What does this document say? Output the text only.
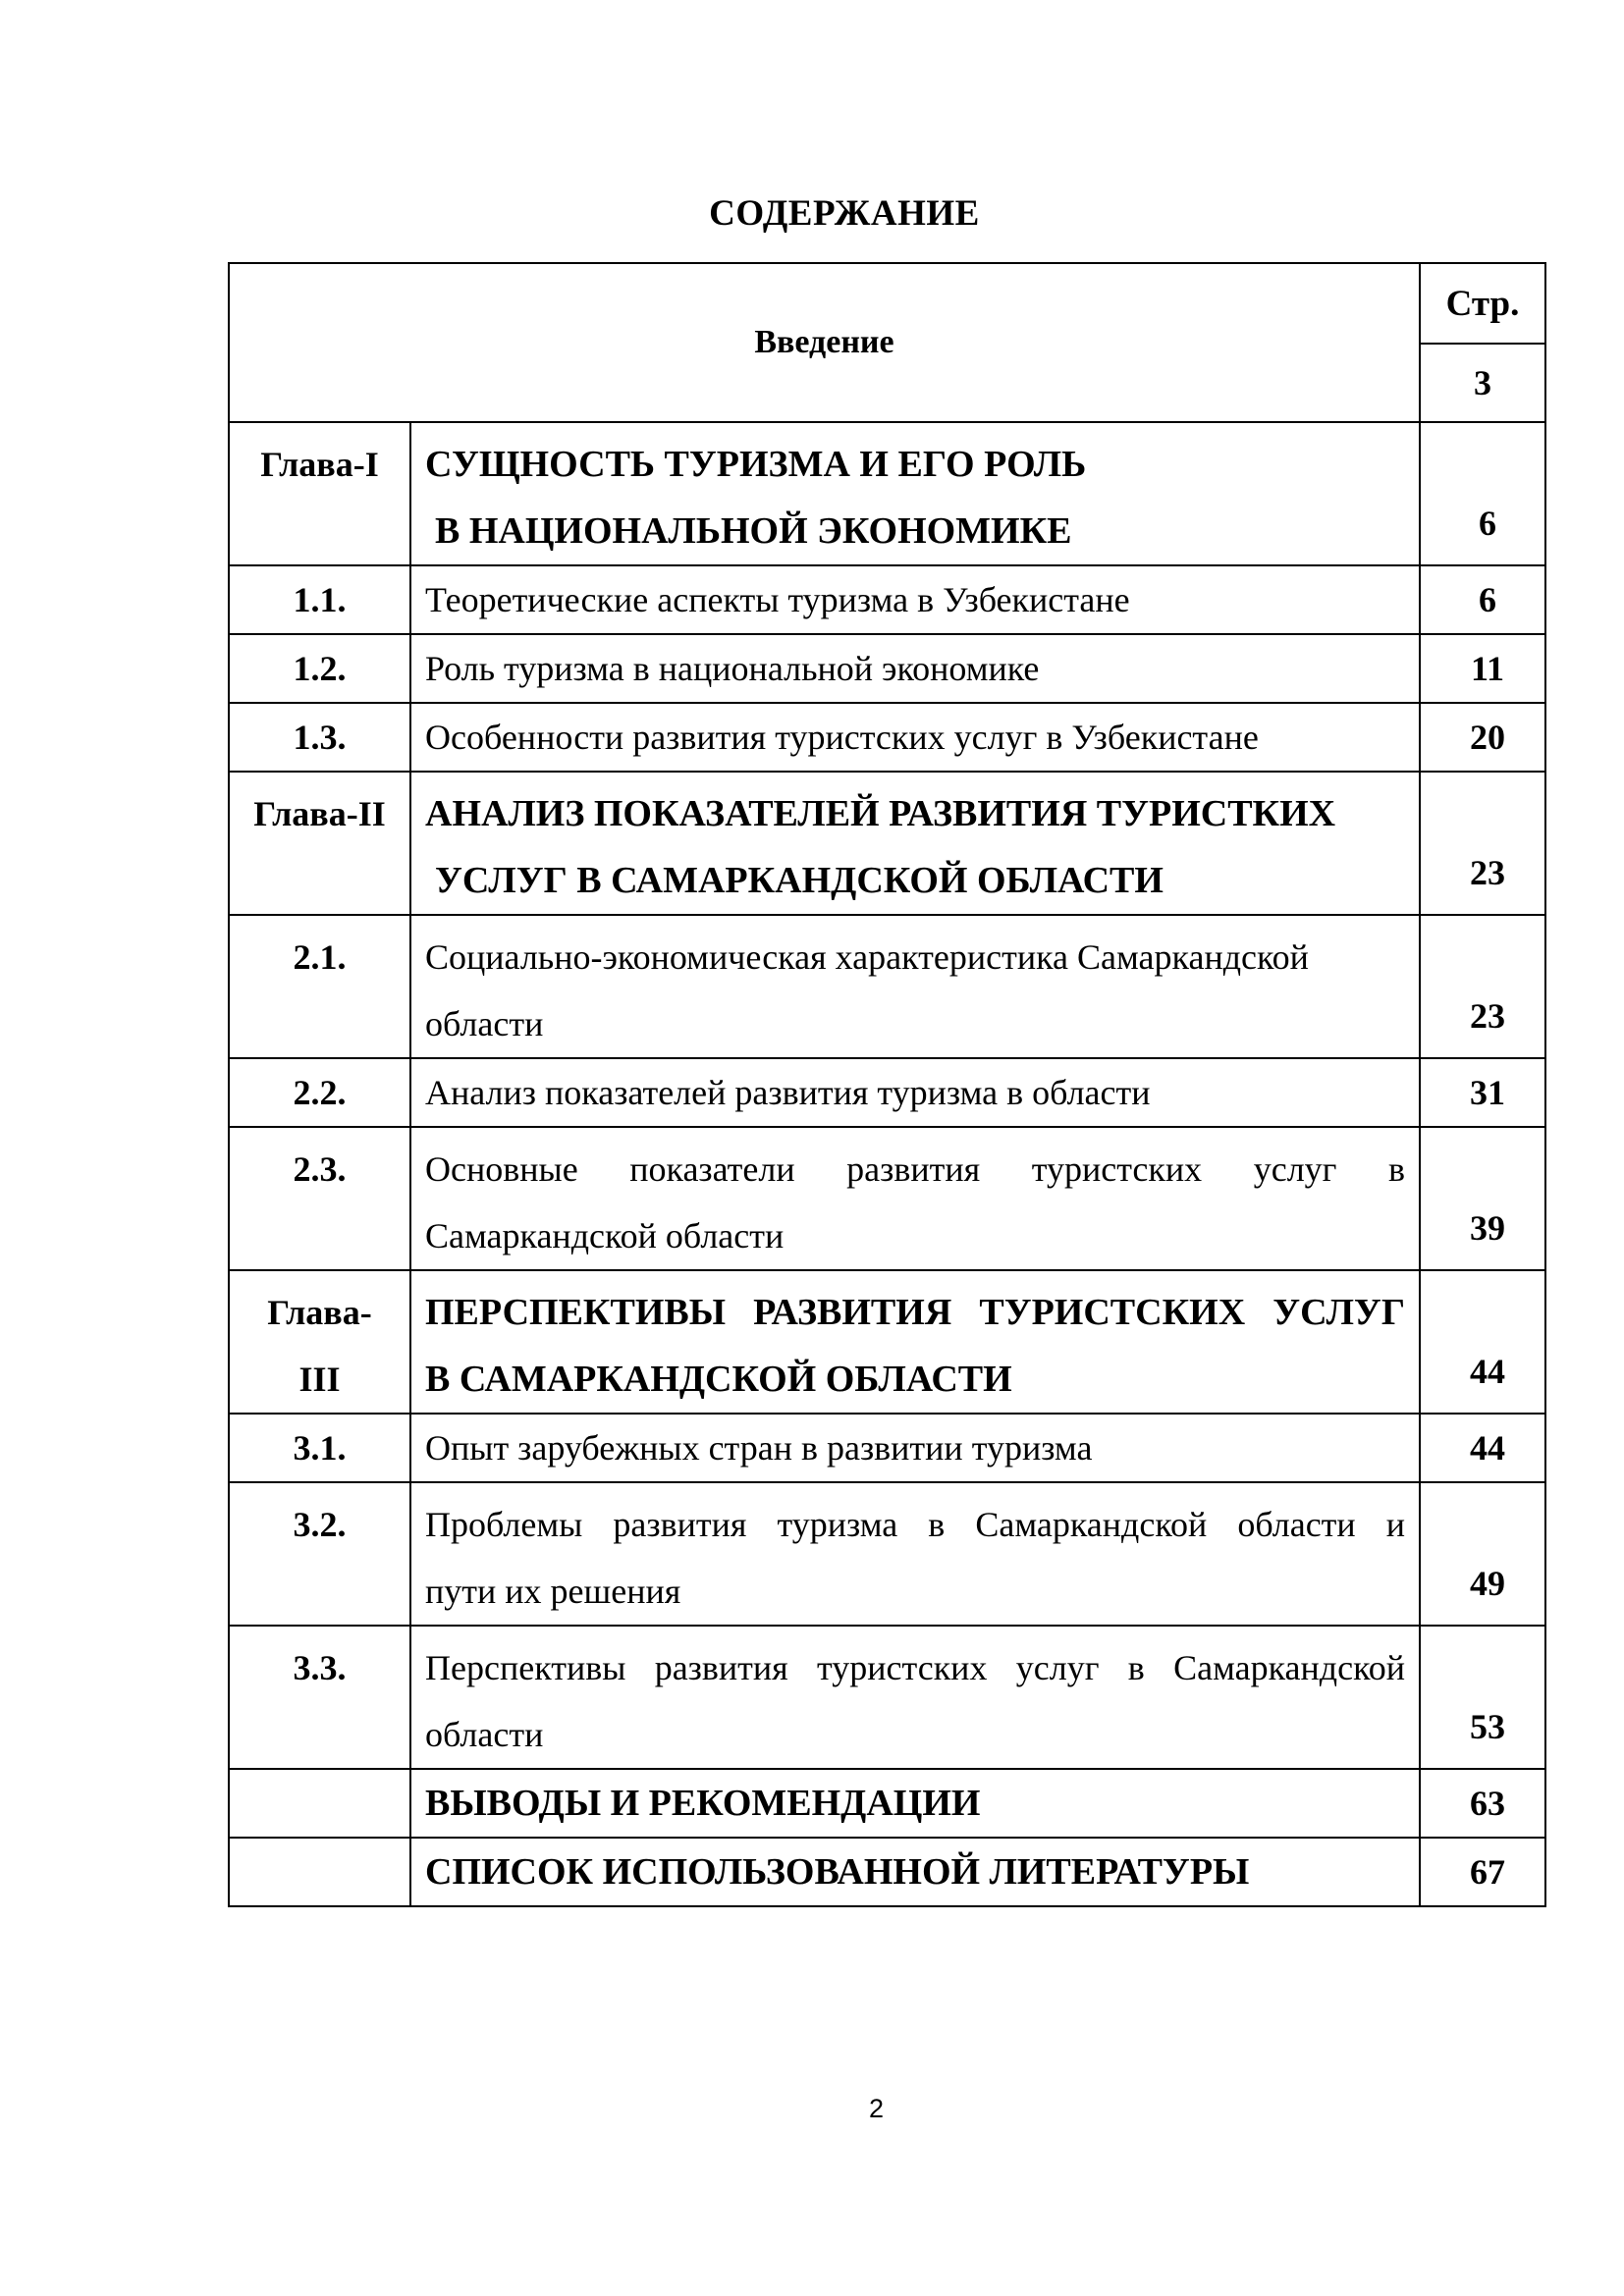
СОДЕРЖАНИЕ
Введение		Стр.
		3

Глава-I	СУЩНОСТЬ ТУРИЗМА И ЕГО РОЛЬ
В НАЦИОНАЛЬНОЙ ЭКОНОМИКЕ	6
1.1.	Теоретические аспекты туризма в Узбекистане	6
1.2.	Роль туризма в национальной экономике	11
1.3.	Особенности развития туристских услуг в Узбекистане	20

Глава-II	АНАЛИЗ ПОКАЗАТЕЛЕЙ РАЗВИТИЯ ТУРИСТКИХ
УСЛУГ В САМАРКАНДСКОЙ ОБЛАСТИ	23

2.1.	Социально-экономическая характеристика Самаркандской
области	23
2.2.	Анализ показателей развития туризма в области	31

2.3.	Основные показатели развития туристских услуг в
Самаркандской области	39

Глава-
III	ПЕРСПЕКТИВЫ РАЗВИТИЯ ТУРИСТСКИХ УСЛУГ
В САМАРКАНДСКОЙ ОБЛАСТИ	44
3.1.	Опыт зарубежных стран в развитии туризма	44

3.2.	Проблемы развития туризма в Самаркандской области и
пути их решения	49

3.3.	Перспективы развития туристских услуг в Самаркандской
области	53
	ВЫВОДЫ И РЕКОМЕНДАЦИИ	63
	СПИСОК ИСПОЛЬЗОВАННОЙ ЛИТЕРАТУРЫ	67
2
